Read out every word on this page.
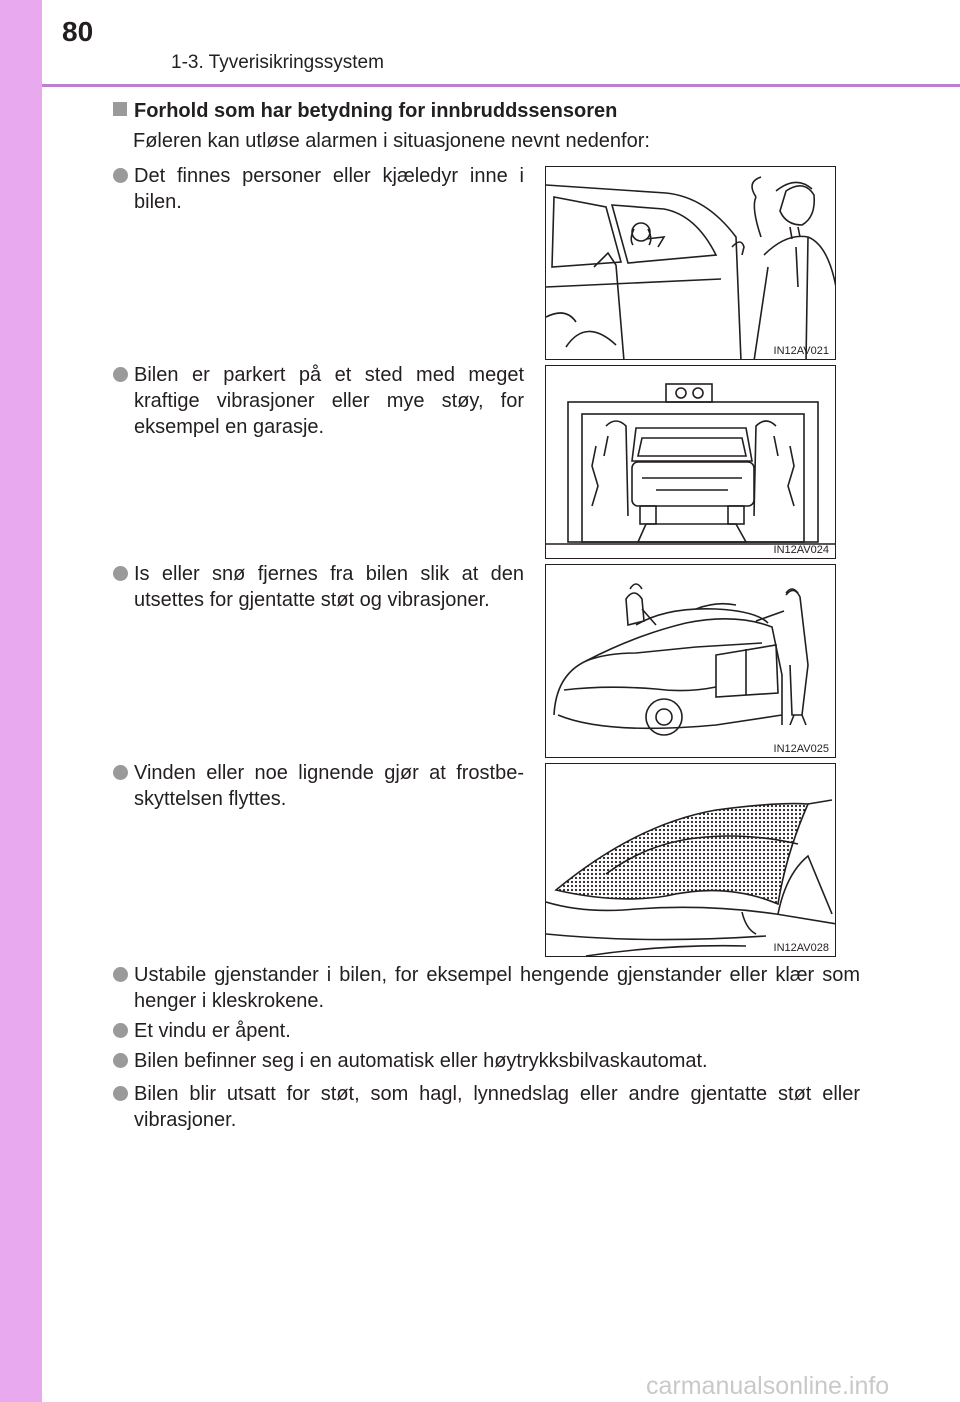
80
1-3. Tyverisikringssystem
Forhold som har betydning for innbruddssensoren
Føleren kan utløse alarmen i situasjonene nevnt nedenfor:
Det finnes personer eller kjæledyr inne i bilen.
IN12AV021
Bilen er parkert på et sted med meget kraftige vibrasjoner eller mye støy, for eksempel en garasje.
IN12AV024
Is eller snø fjernes fra bilen slik at den utsettes for gjentatte støt og vibrasjoner.
IN12AV025
Vinden eller noe lignende gjør at frostbe-skyttelsen flyttes.
IN12AV028
Ustabile gjenstander i bilen, for eksempel hengende gjenstander eller klær som henger i kleskrokene.
Et vindu er åpent.
Bilen befinner seg i en automatisk eller høytrykksbilvaskautomat.
Bilen blir utsatt for støt, som hagl, lynnedslag eller andre gjentatte støt eller vibrasjoner.
carmanualsonline.info
